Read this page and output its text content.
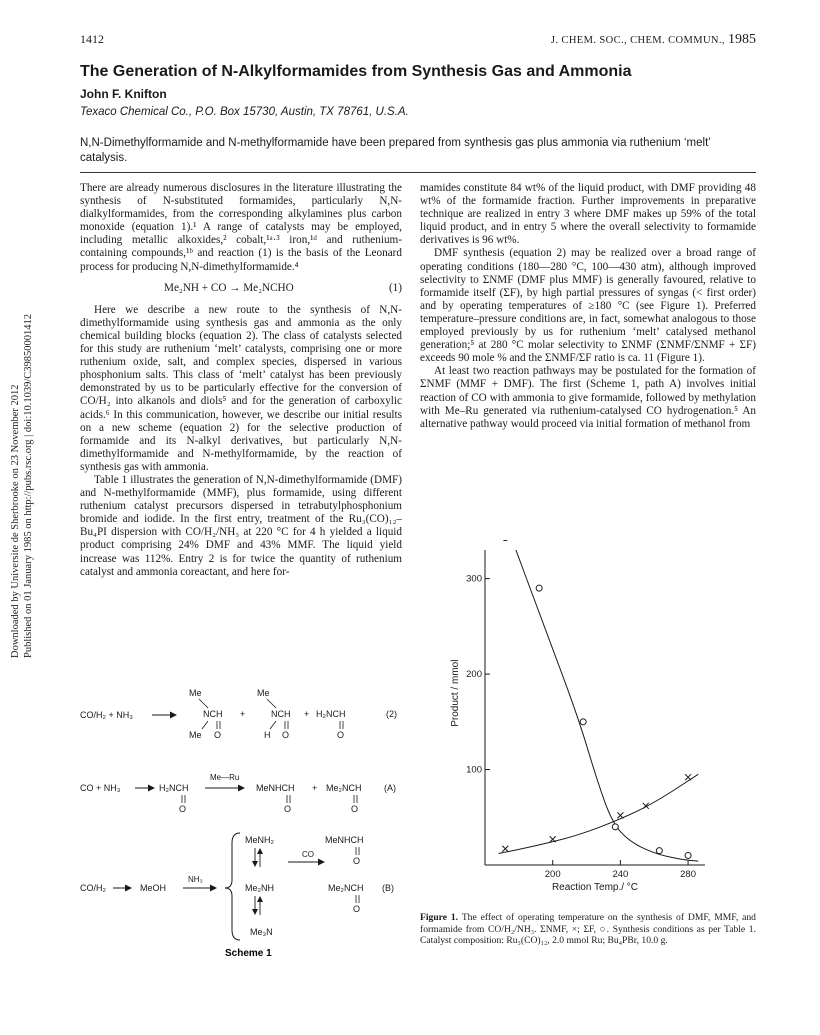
Downloaded by Universite de Sherbrooke on 23 November 2012 Published on 01 January 1985 on http://pubs.rsc.org | doi:10.1039/C39850001412
1412	J. CHEM. SOC., CHEM. COMMUN., 1985
The Generation of N-Alkylformamides from Synthesis Gas and Ammonia
John F. Knifton
Texaco Chemical Co., P.O. Box 15730, Austin, TX 78761, U.S.A.
N,N-Dimethylformamide and N-methylformamide have been prepared from synthesis gas plus ammonia via ruthenium ‘melt’ catalysis.

There are already numerous disclosures in the literature illustrating the synthesis of N-substituted formamides, particularly N,N-dialkylformamides, from the corresponding alkylamines plus carbon monoxide (equation 1).¹ A range of catalysts may be employed, including metallic alkoxides,² cobalt,¹ᵃ·³ iron,¹ᵈ and ruthenium-containing compounds,¹ᵇ and reaction (1) is the basis of the Leonard process for producing N,N-dimethylformamide.⁴

Me₂NH + CO → Me₂NCHO	(1)

Here we describe a new route to the synthesis of N,N-dimethylformamide using synthesis gas and ammonia as the only chemical building blocks (equation 2). The class of catalysts selected for this study are ruthenium ‘melt’ catalysts, comprising one or more ruthenium oxide, salt, and complex species, dispersed in various phosphonium salts. This class of ‘melt’ catalyst has been previously demonstrated by us to be particularly effective for the conversion of CO/H₂ into alkanols and diols⁵ and for the generation of carboxylic acids.⁶ In this communication, however, we describe our initial results on a new scheme (equation 2) for the selective production of formamide and its N-alkyl derivatives, but particularly N,N-dimethylformamide and N-methylformamide, by the reaction of synthesis gas with ammonia.

Table 1 illustrates the generation of N,N-dimethylformamide (DMF) and N-methylformamide (MMF), plus formamide, using different ruthenium catalyst precursors dispersed in tetrabutylphosphonium bromide and iodide. In the first entry, treatment of the Ru₃(CO)₁₂–Bu₄PI dispersion with CO/H₂/NH₃ at 220 °C for 4 h yielded a liquid product comprising 24% DMF and 43% MMF. The liquid yield increase was 112%. Entry 2 is for twice the quantity of ruthenium catalyst and ammonia coreactant, and here for-

mamides constitute 84 wt% of the liquid product, with DMF providing 48 wt% of the formamide fraction. Further improvements in preparative technique are realized in entry 3 where DMF makes up 59% of the total liquid product, and in entry 5 where the overall selectivity to formamide derivatives is 96 wt%.

DMF synthesis (equation 2) may be realized over a broad range of operating conditions (180—280 °C, 100—430 atm), although improved selectivity to ΣNMF (DMF plus MMF) is generally favoured, relative to formamide itself (ΣF), by high partial pressures of syngas (< first order) and by operating temperatures of ≥180 °C (see Figure 1). Preferred temperature–pressure conditions are, in fact, somewhat analogous to those employed previously by us for ruthenium ‘melt’ catalysed methanol generation;⁵ at 280 °C molar selectivity to ΣNMF (ΣNMF/ΣNMF + ΣF) exceeds 90 mole % and the ΣNMF/ΣF ratio is ca. 11 (Figure 1).

At least two reaction pathways may be postulated for the formation of ΣNMF (MMF + DMF). The first (Scheme 1, path A) involves initial reaction of CO with ammonia to give formamide, followed by methylation with Me–Ru generated via ruthenium-catalysed CO hydrogenation.⁵ An alternative pathway would proceed via initial formation of methanol from

CO/H₂ + NH₃
Me
NCH
Me O
+
Me
NCH
H O
+ H₂NCH
O
(2)
CO + NH₃	H₂NCH
O
Me—Ru
MeNHCH
O
+ Me₂NCH
O
(A)
CO/H₂	MeOH
NH₃
MeNH₂
Me₂NH
Me₃N
CO
MeNHCH
O
Me₂NCH
O
(B)
Scheme 1
200	240	280
100
200
300
Reaction Temp./ °C
Product / mmol
Figure 1. The effect of operating temperature on the synthesis of DMF, MMF, and formamide from CO/H₂/NH₃. ΣNMF, ×; ΣF, ○. Synthesis conditions as per Table 1. Catalyst composition: Ru₃(CO)₁₂, 2.0 mmol Ru; Bu₄PBr, 10.0 g.
